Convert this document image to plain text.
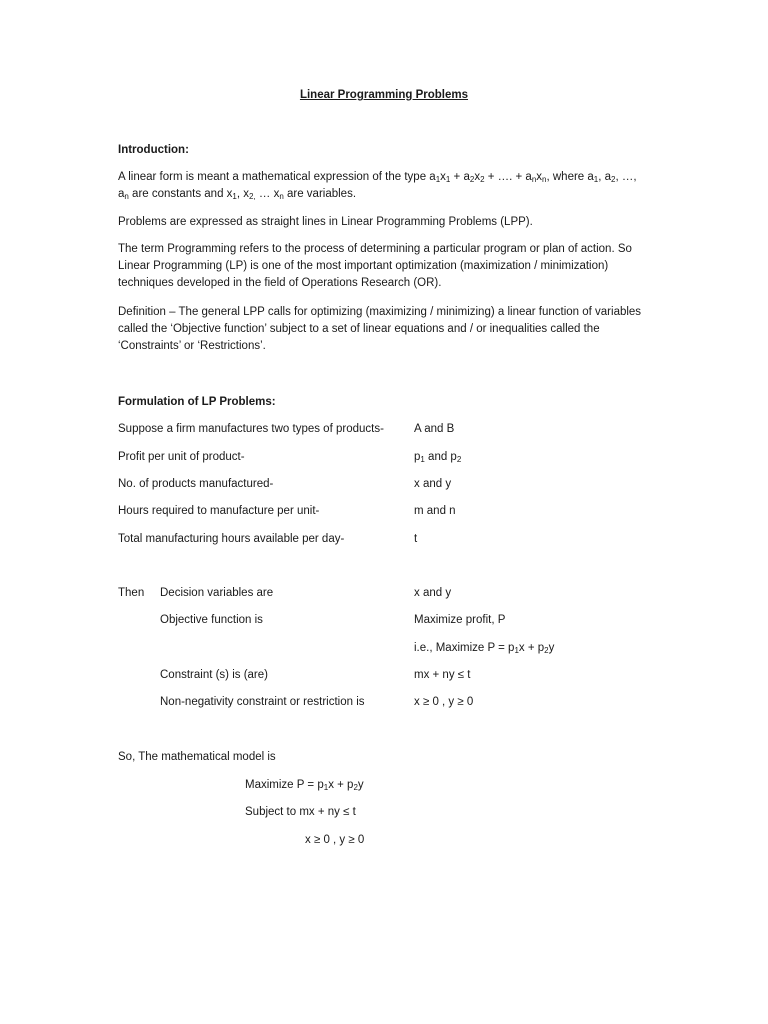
Linear Programming Problems
Introduction:
A linear form is meant a mathematical expression of the type $a_1x_1 + a_2x_2$ + …. + $a_nx_n$, where $a_1$, $a_2$, …,
$a_n$ are constants and $x_1$, $x_{2,}$ … $x_n$ are variables.
Problems are expressed as straight lines in Linear Programming Problems (LPP).
The term Programming refers to the process of determining a particular program or plan of action. So Linear Programming (LP) is one of the most important optimization (maximization / minimization) techniques developed in the field of Operations Research (OR).
Definition – The general LPP calls for optimizing (maximizing / minimizing) a linear function of variables called the ‘Objective function’ subject to a set of linear equations and / or inequalities called the ‘Constraints’ or ‘Restrictions’.
Formulation of LP Problems:
Suppose a firm manufactures two types of products-	A and B
Profit per unit of product-	$p_1$ and $p_2$
No. of products manufactured-	x and y
Hours required to manufacture per unit-	m and n
Total manufacturing hours available per day-	t
Then Decision variables are	x and y
Objective function is	Maximize profit, P
i.e., Maximize $P = p_1x + p_2y$
Constraint (s) is (are)	mx + ny ≤ t
Non-negativity constraint or restriction is	x ≥ 0 , y ≥ 0
So, The mathematical model is
Maximize $P = p_1x + p_2y$
Subject to mx + ny ≤ t
x ≥ 0 , y ≥ 0
